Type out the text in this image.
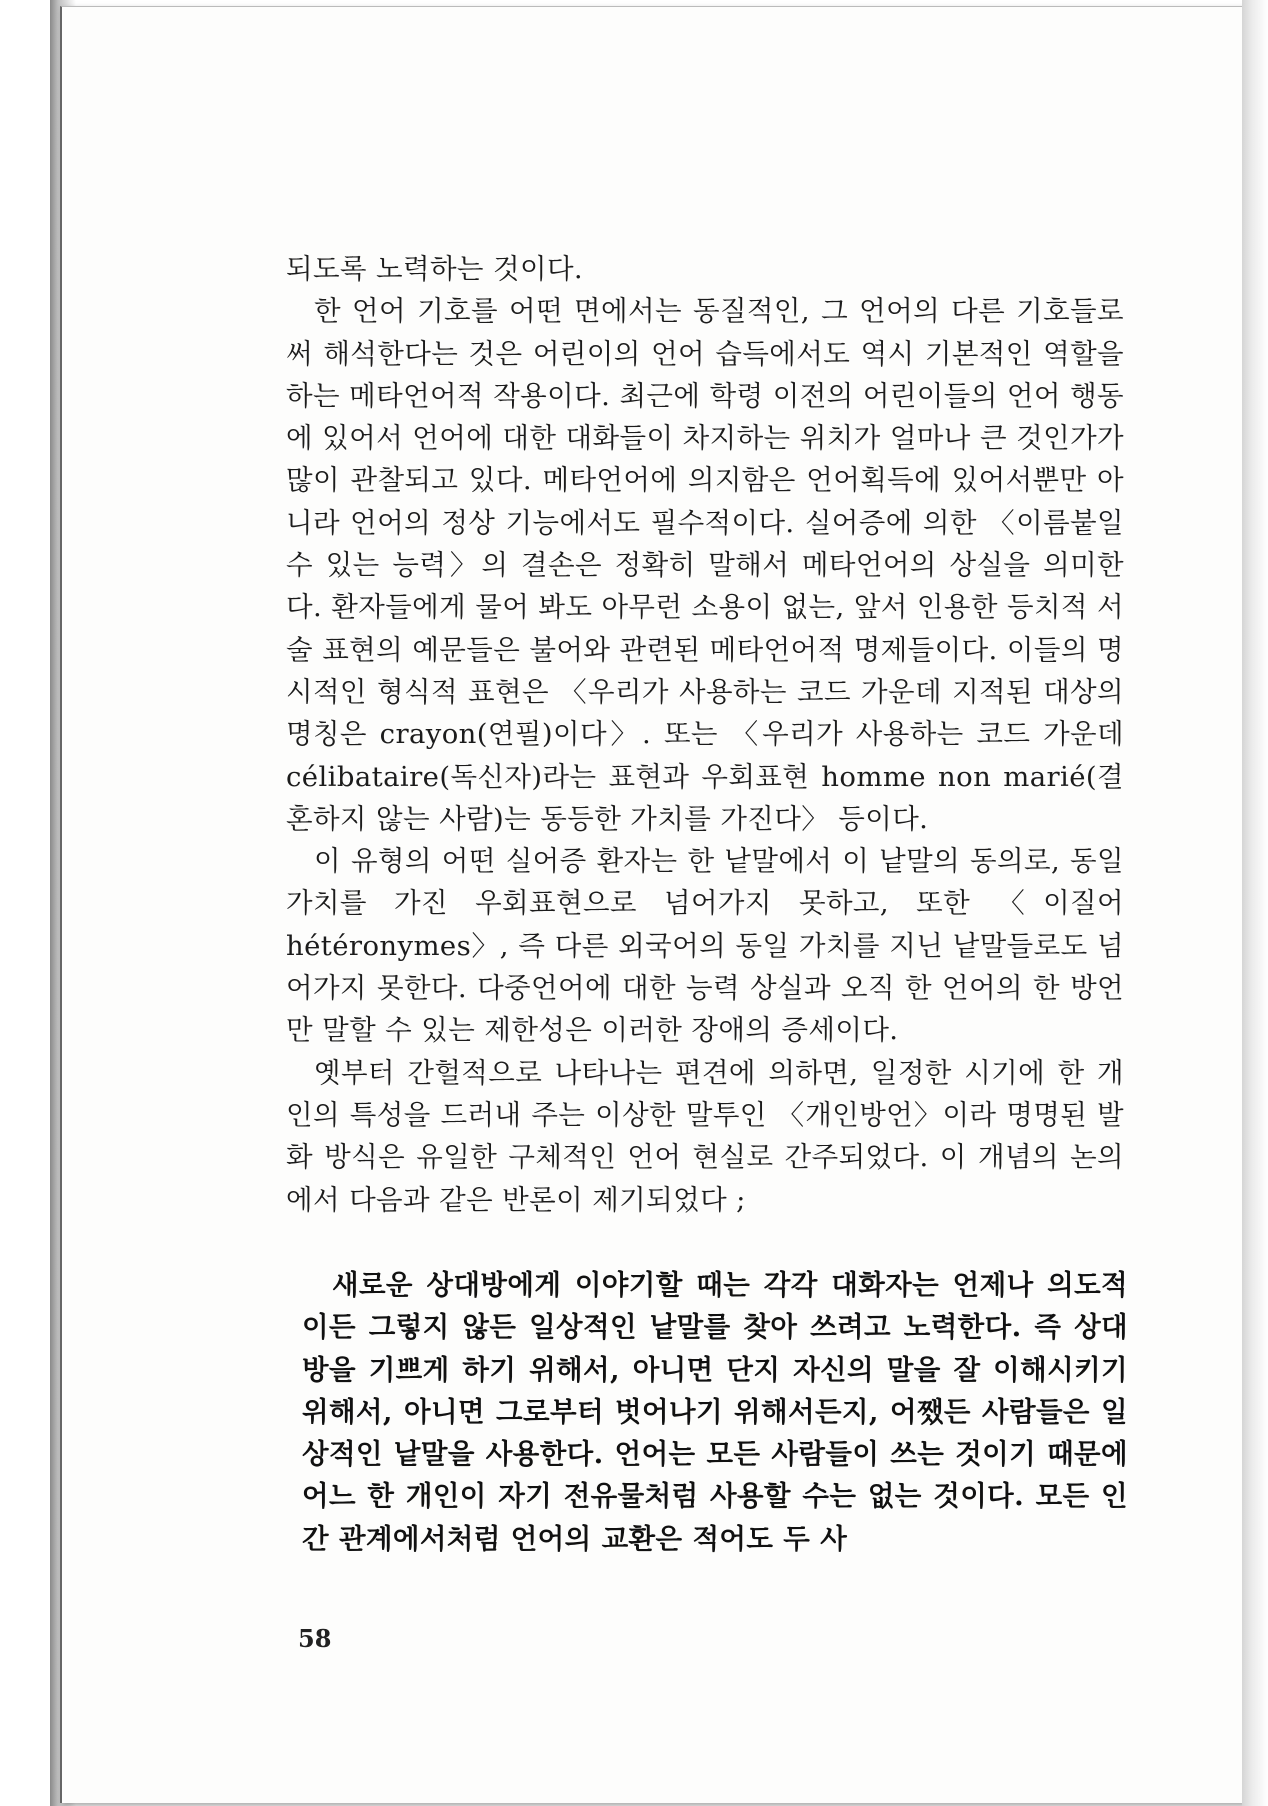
되도록 노력하는 것이다.

한 언어 기호를 어떤 면에서는 동질적인, 그 언어의 다른 기호들로써 해석한다는 것은 어린이의 언어 습득에서도 역시 기본적인 역할을 하는 메타언어적 작용이다. 최근에 학령 이전의 어린이들의 언어 행동에 있어서 언어에 대한 대화들이 차지하는 위치가 얼마나 큰 것인가가 많이 관찰되고 있다. 메타언어에 의지함은 언어획득에 있어서뿐만 아니라 언어의 정상 기능에서도 필수적이다. 실어증에 의한 〈이름붙일 수 있는 능력〉의 결손은 정확히 말해서 메타언어의 상실을 의미한다. 환자들에게 물어 봐도 아무런 소용이 없는, 앞서 인용한 등치적 서술 표현의 예문들은 불어와 관련된 메타언어적 명제들이다. 이들의 명시적인 형식적 표현은 〈우리가 사용하는 코드 가운데 지적된 대상의 명칭은 crayon(연필)이다〉. 또는 〈우리가 사용하는 코드 가운데 célibataire(독신자)라는 표현과 우회표현 homme non marié(결혼하지 않는 사람)는 동등한 가치를 가진다〉 등이다.

이 유형의 어떤 실어증 환자는 한 낱말에서 이 낱말의 동의로, 동일 가치를 가진 우회표현으로 넘어가지 못하고, 또한 〈이질어 hétéronymes〉, 즉 다른 외국어의 동일 가치를 지닌 낱말들로도 넘어가지 못한다. 다중언어에 대한 능력 상실과 오직 한 언어의 한 방언만 말할 수 있는 제한성은 이러한 장애의 증세이다.

옛부터 간헐적으로 나타나는 편견에 의하면, 일정한 시기에 한 개인의 특성을 드러내 주는 이상한 말투인 〈개인방언〉이라 명명된 발화 방식은 유일한 구체적인 언어 현실로 간주되었다. 이 개념의 논의에서 다음과 같은 반론이 제기되었다 ;

새로운 상대방에게 이야기할 때는 각각 대화자는 언제나 의도적이든 그렇지 않든 일상적인 낱말를 찾아 쓰려고 노력한다. 즉 상대방을 기쁘게 하기 위해서, 아니면 단지 자신의 말을 잘 이해시키기 위해서, 아니면 그로부터 벗어나기 위해서든지, 어쨌든 사람들은 일상적인 낱말을 사용한다. 언어는 모든 사람들이 쓰는 것이기 때문에 어느 한 개인이 자기 전유물처럼 사용할 수는 없는 것이다. 모든 인간 관계에서처럼 언어의 교환은 적어도 두 사

58
